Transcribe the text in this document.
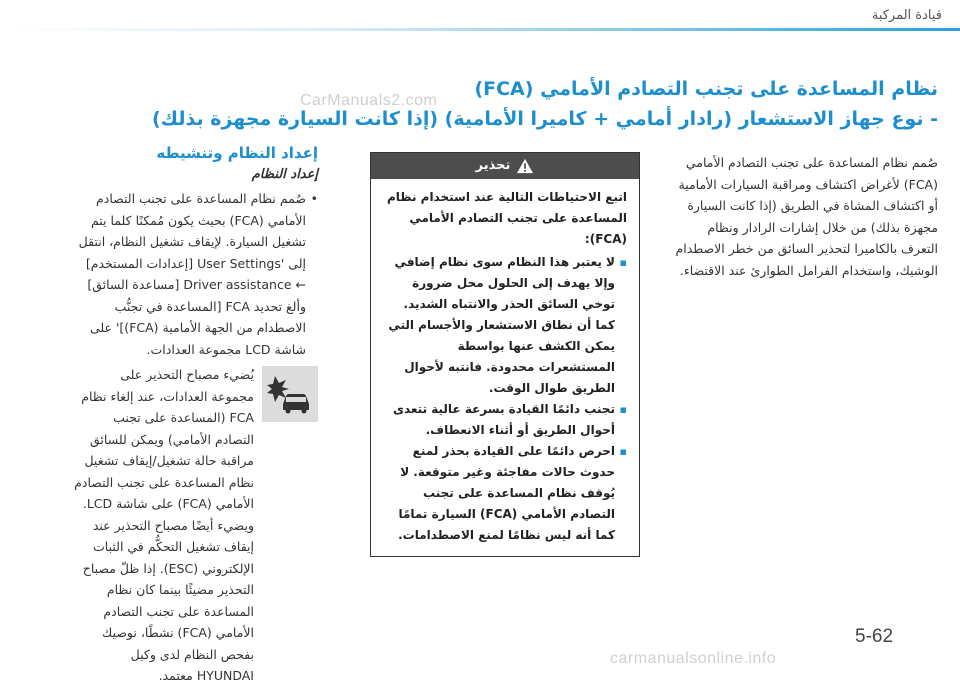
قيادة المركبة
نظام المساعدة على تجنب التصادم الأمامي (FCA)
- نوع جهاز الاستشعار (رادار أمامي + كاميرا الأمامية) (إذا كانت السيارة مجهزة بذلك)
CarManuals2.com

صُمم نظام المساعدة على تجنب التصادم الأمامي (FCA) لأغراض اكتشاف ومراقبة السيارات الأمامية أو اكتشاف المشاة في الطريق (إذا كانت السيارة مجهزة بذلك) من خلال إشارات الرادار ونظام التعرف بالكاميرا لتحذير السائق من خطر الاصطدام الوشيك، واستخدام الفرامل الطوارئ عند الاقتضاء.

تحذير

اتبع الاحتياطات التالية عند استخدام نظام المساعدة على تجنب التصادم الأمامي (FCA):

▪ لا يعتبر هذا النظام سوى نظام إضافي وإلا يهدف إلى الحلول محل ضرورة توخي السائق الحذر والانتباه الشديد. كما أن نطاق الاستشعار والأجسام التي يمكن الكشف عنها بواسطة المستشعرات محدودة. فانتبه لأحوال الطريق طوال الوقت.
▪ تجنب دائمًا القيادة بسرعة عالية تتعدى أحوال الطريق أو أثناء الانعطاف.
▪ احرص دائمًا على القيادة بحذر لمنع حدوث حالات مفاجئة وغير متوقعة. لا يُوقف نظام المساعدة على تجنب التصادم الأمامي (FCA) السيارة تمامًا كما أنه ليس نظامًا لمنع الاصطدامات.
إعداد النظام وتنشيطه
إعداد النظام
• صُمم نظام المساعدة على تجنب التصادم الأمامي (FCA) بحيث يكون مُمكنًا كلما يتم تشغيل السيارة. لإيقاف تشغيل النظام، انتقل إلى 'User Settings [إعدادات المستخدم] ← Driver assistance [مساعدة السائق] وألغ تحديد FCA [المساعدة في تجنُّب الاصطدام من الجهة الأمامية (FCA)]' على شاشة LCD مجموعة العدادات.

يُضيء مصباح التحذير على مجموعة العدادات، عند إلغاء نظام FCA (المساعدة على تجنب التصادم الأمامي) ويمكن للسائق مراقبة حالة تشغيل/إيقاف تشغيل نظام المساعدة على تجنب التصادم الأمامي (FCA) على شاشة LCD. ويضيء أيضًا مصباح التحذير عند إيقاف تشغيل التحكُّم في الثبات الإلكتروني (ESC). إذا ظلّ مصباح التحذير مضيئًا بينما كان نظام المساعدة على تجنب التصادم الأمامي (FCA) نشطًا، نوصيك بفحص النظام لدى وكيل HYUNDAI معتمد.

5-62
carmanualsonline.info
